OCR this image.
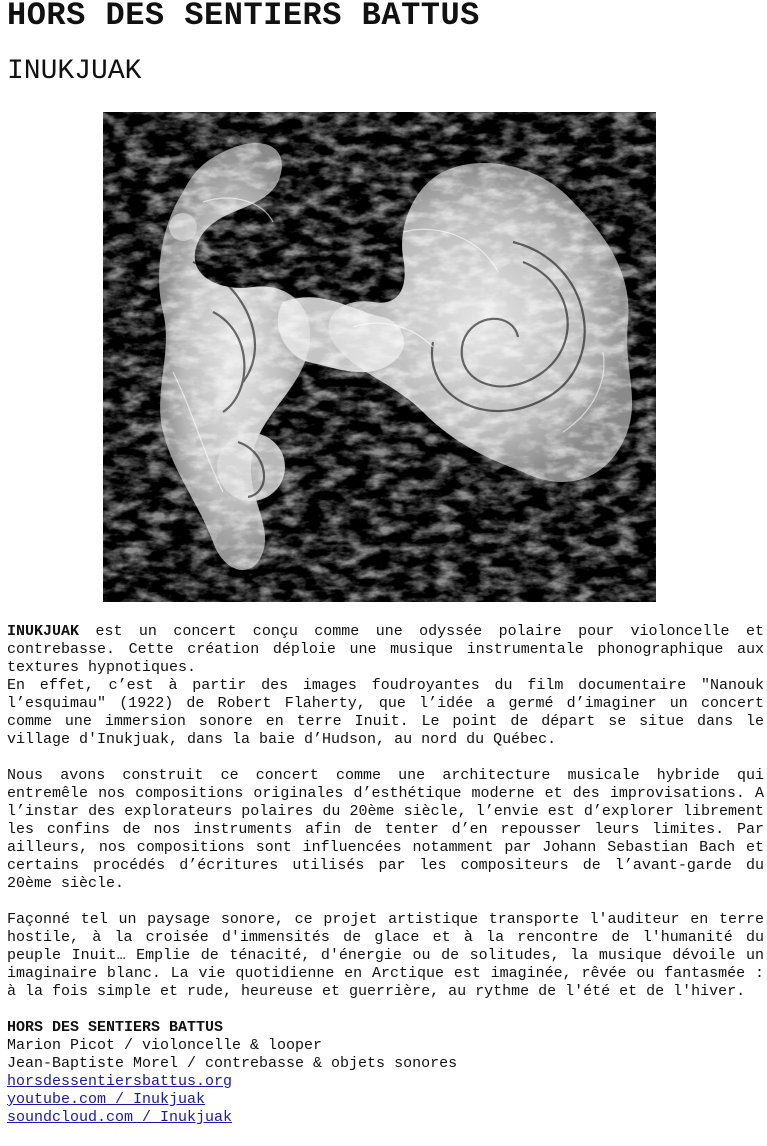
HORS DES SENTIERS BATTUS
INUKJUAK

INUKJUAK est un concert conçu comme une odyssée polaire pour violoncelle et contrebasse. Cette création déploie une musique instrumentale phonographique aux textures hypnotiques.

En effet, c’est à partir des images foudroyantes du film documentaire "Nanouk l’esquimau" (1922) de Robert Flaherty, que l’idée a germé d’imaginer un concert comme une immersion sonore en terre Inuit. Le point de départ se situe dans le village d'Inukjuak, dans la baie d’Hudson, au nord du Québec.

Nous avons construit ce concert comme une architecture musicale hybride qui entremêle nos compositions originales d’esthétique moderne et des improvisations. A l’instar des explorateurs polaires du 20ème siècle, l’envie est d’explorer librement les confins de nos instruments afin de tenter d’en repousser leurs limites. Par ailleurs, nos compositions sont influencées notamment par Johann Sebastian Bach et certains procédés d’écritures utilisés par les compositeurs de l’avant-garde du 20ème siècle.

Façonné tel un paysage sonore, ce projet artistique transporte l'auditeur en terre hostile, à la croisée d'immensités de glace et à la rencontre de l'humanité du peuple Inuit… Emplie de ténacité, d'énergie ou de solitudes, la musique dévoile un imaginaire blanc. La vie quotidienne en Arctique est imaginée, rêvée ou fantasmée : à la fois simple et rude, heureuse et guerrière, au rythme de l'été et de l'hiver.

HORS DES SENTIERS BATTUS
Marion Picot / violoncelle & looper
Jean-Baptiste Morel / contrebasse & objets sonores
horsdessentiersbattus.org
youtube.com / Inukjuak
soundcloud.com / Inukjuak
